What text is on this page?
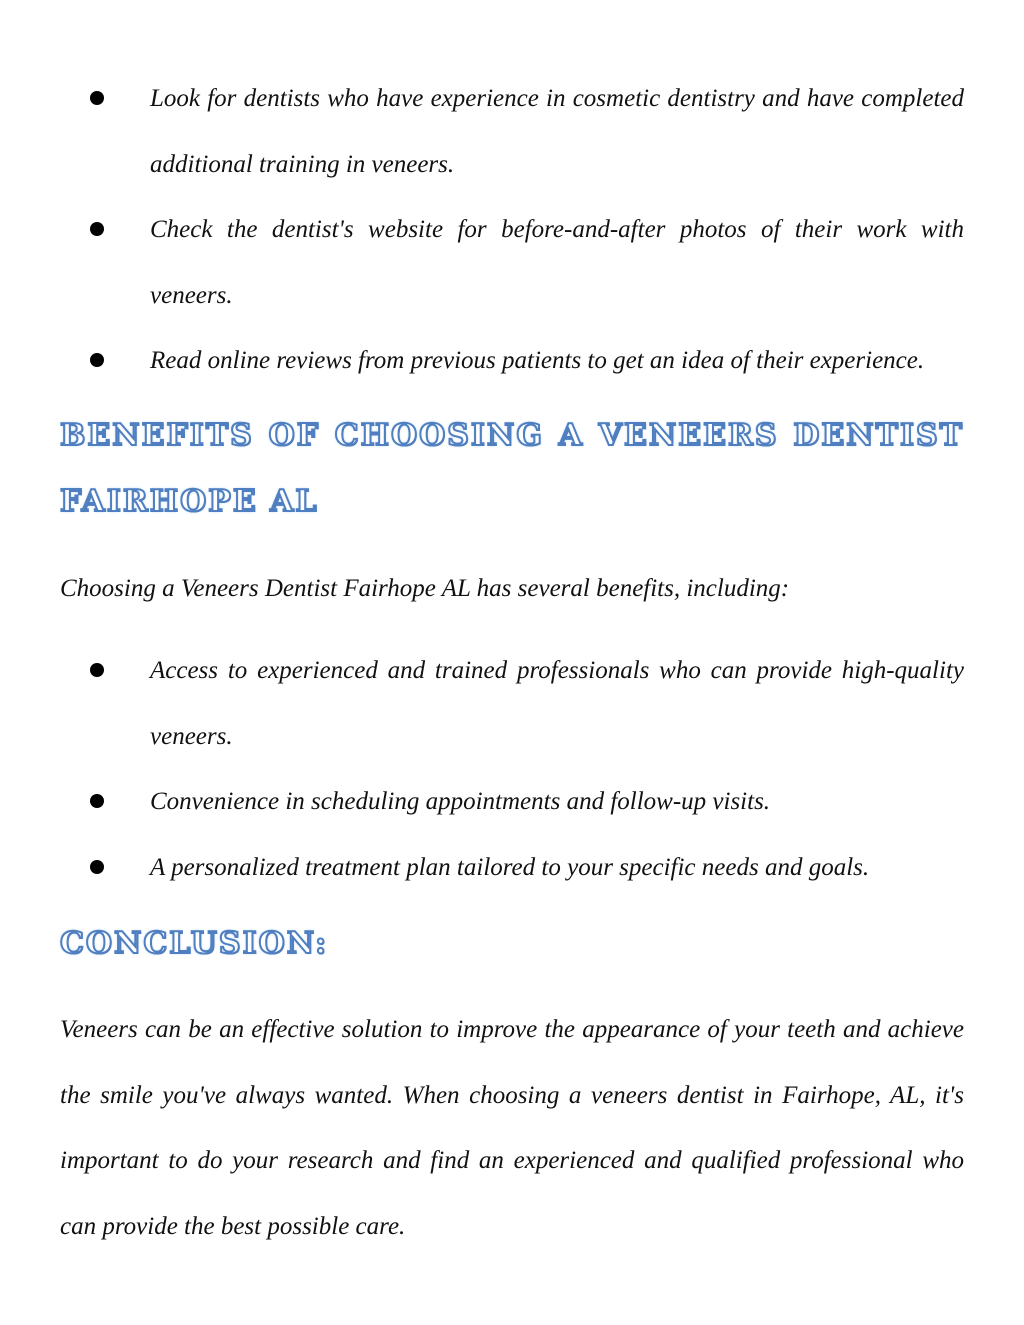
Look for dentists who have experience in cosmetic dentistry and have completed additional training in veneers.
Check the dentist's website for before-and-after photos of their work with veneers.
Read online reviews from previous patients to get an idea of their experience.
BENEFITS OF CHOOSING A VENEERS DENTIST FAIRHOPE AL

Choosing a Veneers Dentist Fairhope AL has several benefits, including:

Access to experienced and trained professionals who can provide high-quality veneers.
Convenience in scheduling appointments and follow-up visits.
A personalized treatment plan tailored to your specific needs and goals.
CONCLUSION:

Veneers can be an effective solution to improve the appearance of your teeth and achieve the smile you've always wanted. When choosing a veneers dentist in Fairhope, AL, it's important to do your research and find an experienced and qualified professional who can provide the best possible care.
